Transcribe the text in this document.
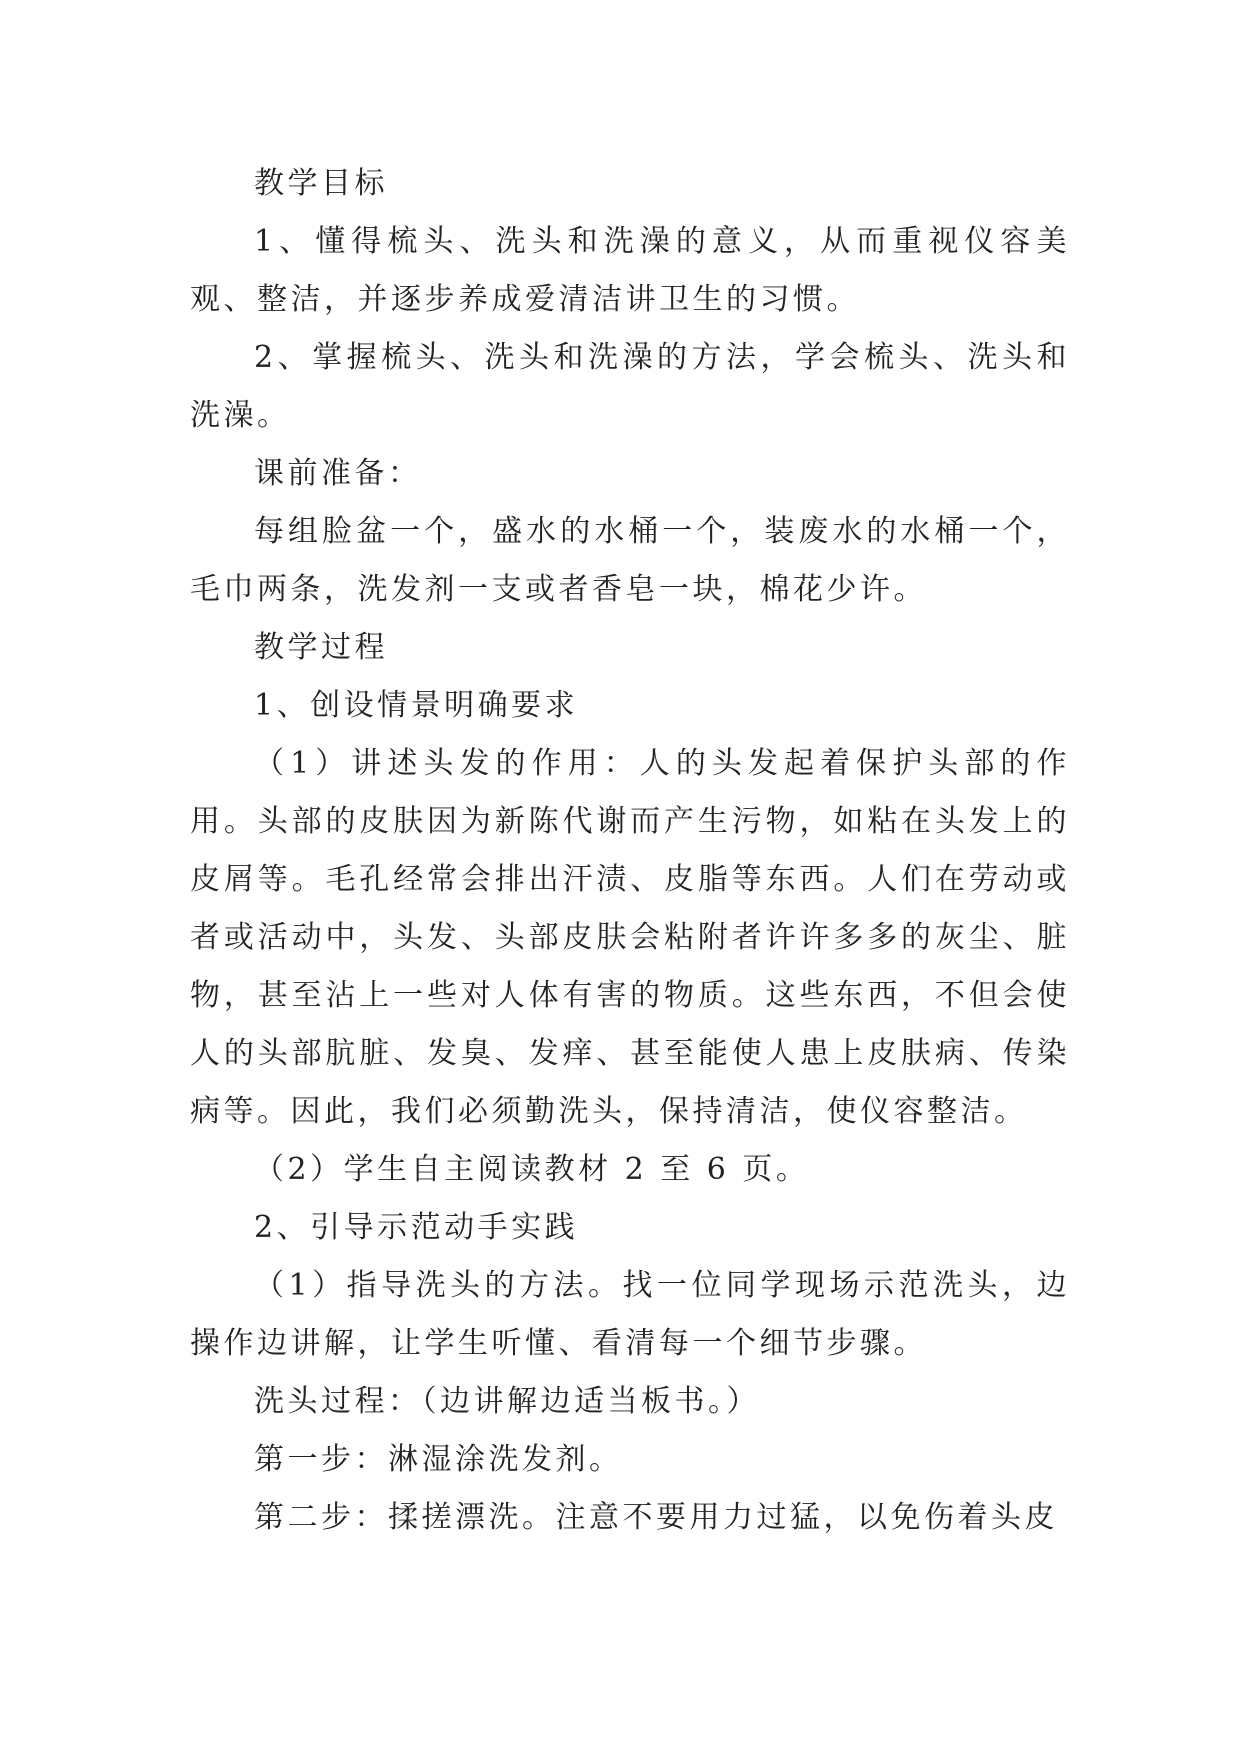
教学目标

1、懂得梳头、洗头和洗澡的意义，从而重视仪容美观、整洁，并逐步养成爱清洁讲卫生的习惯。

2、掌握梳头、洗头和洗澡的方法，学会梳头、洗头和洗澡。

课前准备：

每组脸盆一个，盛水的水桶一个，装废水的水桶一个，毛巾两条，洗发剂一支或者香皂一块，棉花少许。

教学过程

1、创设情景明确要求

（1）讲述头发的作用：人的头发起着保护头部的作用。头部的皮肤因为新陈代谢而产生污物，如粘在头发上的皮屑等。毛孔经常会排出汗渍、皮脂等东西。人们在劳动或者或活动中，头发、头部皮肤会粘附者许许多多的灰尘、脏物，甚至沾上一些对人体有害的物质。这些东西，不但会使人的头部肮脏、发臭、发痒、甚至能使人患上皮肤病、传染病等。因此，我们必须勤洗头，保持清洁，使仪容整洁。

（2）学生自主阅读教材 2 至 6 页。

2、引导示范动手实践

（1）指导洗头的方法。找一位同学现场示范洗头，边操作边讲解，让学生听懂、看清每一个细节步骤。

洗头过程：（边讲解边适当板书。）

第一步：淋湿涂洗发剂。

第二步：揉搓漂洗。注意不要用力过猛，以免伤着头皮
